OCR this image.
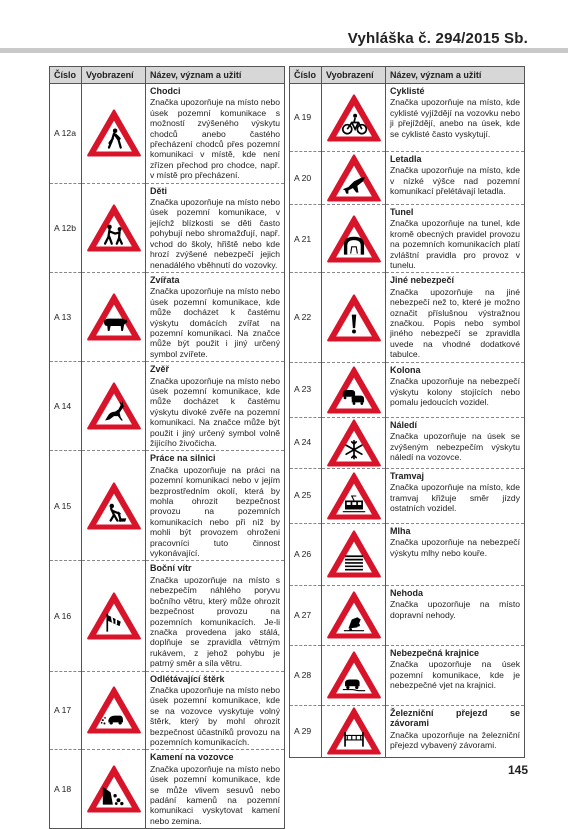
Vyhláška č. 294/2015 Sb.
Číslo	Vyobrazení	Název, význam a užití
A 12a		Chodci
Značka upozorňuje na místo nebo úsek pozemní komunikace s možností zvýšeného výskytu chodců anebo častého přecházení chodců přes pozemní komunikaci v místě, kde není zřízen přechod pro chodce, např. v místě pro přecházení.

A 12b		Děti
Značka upozorňuje na místo nebo úsek pozemní komunikace, v jejíchž blízkosti se děti často pohybují nebo shromažďují, např. vchod do školy, hřiště nebo kde hrozí zvýšené nebezpečí jejich nenadálého vběhnutí do vozovky.

A 13		Zvířata
Značka upozorňuje na místo nebo úsek pozemní komunikace, kde může docházet k častému výskytu domácích zvířat na pozemní komunikaci. Na značce může být použit i jiný určený symbol zvířete.

A 14		Zvěř
Značka upozorňuje na místo nebo úsek pozemní komunikace, kde může docházet k častému výskytu divoké zvěře na pozemní komunikaci. Na značce může být použit i jiný určený symbol volně žijícího živočicha.

A 15		Práce na silnici
Značka upozorňuje na práci na pozemní komunikaci nebo v jejím bezprostředním okolí, která by mohla ohrozit bezpečnost provozu na pozemních komunikacích nebo při níž by mohli být provozem ohroženi pracovníci tuto činnost vykonávající.

A 16		Boční vítr
Značka upozorňuje na místo s nebezpečím náhlého poryvu bočního větru, který může ohrozit bezpečnost provozu na pozemních komunikacích. Je-li značka provedena jako stálá, doplňuje se zpravidla větrným rukávem, z jehož pohybu je patrný směr a síla větru.

A 17		Odlétávající štěrk
Značka upozorňuje na místo nebo úsek pozemní komunikace, kde se na vozovce vyskytuje volný štěrk, který by mohl ohrozit bezpečnost účastníků provozu na pozemních komunikacích.

A 18		Kamení na vozovce
Značka upozorňuje na místo nebo úsek pozemní komunikace, kde se může vlivem sesuvů nebo padání kamenů na pozemní komunikaci vyskytovat kamení nebo zemina.
Číslo	Vyobrazení	Název, význam a užití
A 19		Cyklisté
Značka upozorňuje na místo, kde cyklisté vyjíždějí na vozovku nebo ji přejíždějí, anebo na úsek, kde se cyklisté často vyskytují.

A 20		Letadla
Značka upozorňuje na místo, kde v nízké výšce nad pozemní komunikací přelétávají letadla.

A 21		Tunel
Značka upozorňuje na tunel, kde kromě obecných pravidel provozu na pozemních komunikacích platí zvláštní pravidla pro provoz v tunelu.

A 22		Jiné nebezpečí
Značka upozorňuje na jiné nebezpečí než to, které je možno označit příslušnou výstražnou značkou. Popis nebo symbol jiného nebezpečí se zpravidla uvede na vhodné dodatkové tabulce.

A 23		Kolona
Značka upozorňuje na nebezpečí výskytu kolony stojících nebo pomalu jedoucích vozidel.

A 24		Náledí
Značka upozorňuje na úsek se zvýšeným nebezpečím výskytu náledí na vozovce.

A 25		Tramvaj
Značka upozorňuje na místo, kde tramvaj křižuje směr jízdy ostatních vozidel.

A 26		Mlha
Značka upozorňuje na nebezpečí výskytu mlhy nebo kouře.

A 27		Nehoda
Značka upozorňuje na místo dopravní nehody.

A 28		Nebezpečná krajnice
Značka upozorňuje na úsek pozemní komunikace, kde je nebezpečné vjet na krajnici.

A 29		Železniční přejezd se závorami
Značka upozorňuje na železniční přejezd vybavený závorami.
145
